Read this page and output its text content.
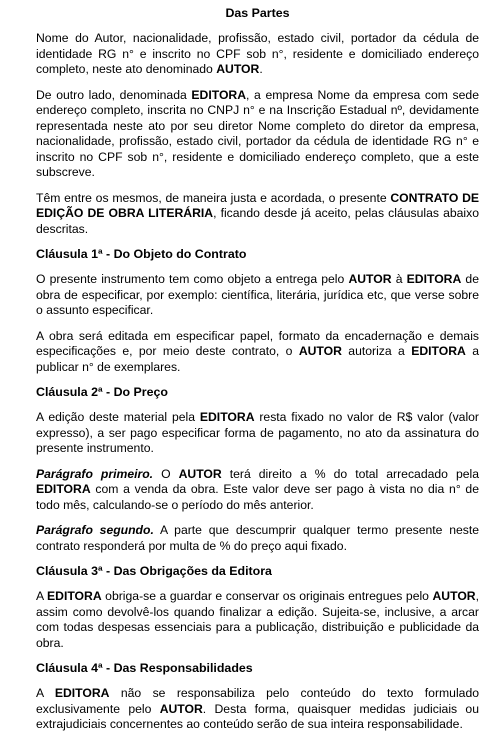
Das Partes

Nome do Autor, nacionalidade, profissão, estado civil, portador da cédula de identidade RG n° e inscrito no CPF sob n°, residente e domiciliado endereço completo, neste ato denominado AUTOR.

De outro lado, denominada EDITORA, a empresa Nome da empresa com sede endereço completo, inscrita no CNPJ n° e na Inscrição Estadual nº, devidamente representada neste ato por seu diretor Nome completo do diretor da empresa, nacionalidade, profissão, estado civil, portador da cédula de identidade RG n° e inscrito no CPF sob n°, residente e domiciliado endereço completo, que a este subscreve.

Têm entre os mesmos, de maneira justa e acordada, o presente CONTRATO DE EDIÇÃO DE OBRA LITERÁRIA, ficando desde já aceito, pelas cláusulas abaixo descritas.

Cláusula 1ª - Do Objeto do Contrato

O presente instrumento tem como objeto a entrega pelo AUTOR à EDITORA de obra de especificar, por exemplo: científica, literária, jurídica etc, que verse sobre o assunto especificar.

A obra será editada em especificar papel, formato da encadernação e demais especificações e, por meio deste contrato, o AUTOR autoriza a EDITORA a publicar n° de exemplares.

Cláusula 2ª - Do Preço

A edição deste material pela EDITORA resta fixado no valor de R$ valor (valor expresso), a ser pago especificar forma de pagamento, no ato da assinatura do presente instrumento.

Parágrafo primeiro. O AUTOR terá direito a % do total arrecadado pela EDITORA com a venda da obra. Este valor deve ser pago à vista no dia n° de todo mês, calculando-se o período do mês anterior.

Parágrafo segundo. A parte que descumprir qualquer termo presente neste contrato responderá por multa de % do preço aqui fixado.

Cláusula 3ª - Das Obrigações da Editora

A EDITORA obriga-se a guardar e conservar os originais entregues pelo AUTOR, assim como devolvê-los quando finalizar a edição. Sujeita-se, inclusive, a arcar com todas despesas essenciais para a publicação, distribuição e publicidade da obra.

Cláusula 4ª - Das Responsabilidades

A EDITORA não se responsabiliza pelo conteúdo do texto formulado exclusivamente pelo AUTOR. Desta forma, quaisquer medidas judiciais ou extrajudiciais concernentes ao conteúdo serão de sua inteira responsabilidade.
